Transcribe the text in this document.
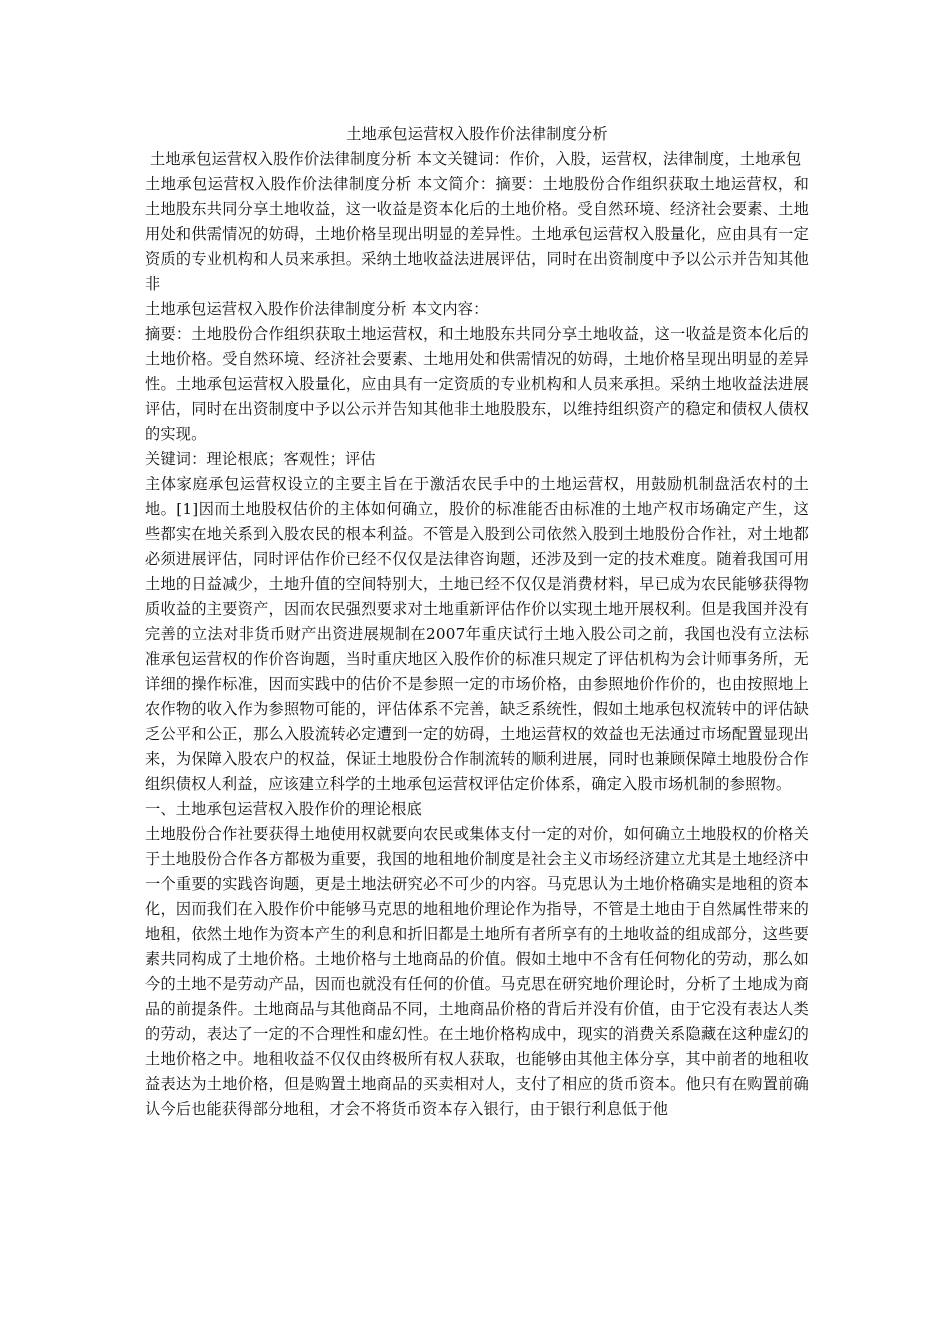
土地承包运营权入股作价法律制度分析

土地承包运营权入股作价法律制度分析 本文关键词：作价，入股，运营权，法律制度，土地承包

土地承包运营权入股作价法律制度分析 本文简介：摘要：土地股份合作组织获取土地运营权，和土地股东共同分享土地收益，这一收益是资本化后的土地价格。受自然环境、经济社会要素、土地用处和供需情况的妨碍，土地价格呈现出明显的差异性。土地承包运营权入股量化，应由具有一定资质的专业机构和人员来承担。采纳土地收益法进展评估，同时在出资制度中予以公示并告知其他非

土地承包运营权入股作价法律制度分析 本文内容：

摘要：土地股份合作组织获取土地运营权，和土地股东共同分享土地收益，这一收益是资本化后的土地价格。受自然环境、经济社会要素、土地用处和供需情况的妨碍，土地价格呈现出明显的差异性。土地承包运营权入股量化，应由具有一定资质的专业机构和人员来承担。采纳土地收益法进展评估，同时在出资制度中予以公示并告知其他非土地股股东，以维持组织资产的稳定和债权人债权的实现。

关键词：理论根底；客观性；评估

主体家庭承包运营权设立的主要主旨在于激活农民手中的土地运营权，用鼓励机制盘活农村的土地。[1]因而土地股权估价的主体如何确立，股价的标准能否由标准的土地产权市场确定产生，这些都实在地关系到入股农民的根本利益。不管是入股到公司依然入股到土地股份合作社，对土地都必须进展评估，同时评估作价已经不仅仅是法律咨询题，还涉及到一定的技术难度。随着我国可用土地的日益减少，土地升值的空间特别大，土地已经不仅仅是消费材料，早已成为农民能够获得物质收益的主要资产，因而农民强烈要求对土地重新评估作价以实现土地开展权利。但是我国并没有完善的立法对非货币财产出资进展规制在2007年重庆试行土地入股公司之前，我国也没有立法标准承包运营权的作价咨询题，当时重庆地区入股作价的标准只规定了评估机构为会计师事务所，无详细的操作标准，因而实践中的估价不是参照一定的市场价格，由参照地价作价的，也由按照地上农作物的收入作为参照物可能的，评估体系不完善，缺乏系统性，假如土地承包权流转中的评估缺乏公平和公正，那么入股流转必定遭到一定的妨碍，土地运营权的效益也无法通过市场配置显现出来，为保障入股农户的权益，保证土地股份合作制流转的顺利进展，同时也兼顾保障土地股份合作组织债权人利益，应该建立科学的土地承包运营权评估定价体系，确定入股市场机制的参照物。

一、土地承包运营权入股作价的理论根底

土地股份合作社要获得土地使用权就要向农民或集体支付一定的对价，如何确立土地股权的价格关于土地股份合作各方都极为重要，我国的地租地价制度是社会主义市场经济建立尤其是土地经济中一个重要的实践咨询题，更是土地法研究必不可少的内容。马克思认为土地价格确实是地租的资本化，因而我们在入股作价中能够马克思的地租地价理论作为指导，不管是土地由于自然属性带来的地租，依然土地作为资本产生的利息和折旧都是土地所有者所享有的土地收益的组成部分，这些要素共同构成了土地价格。土地价格与土地商品的价值。假如土地中不含有任何物化的劳动，那么如今的土地不是劳动产品，因而也就没有任何的价值。马克思在研究地价理论时，分析了土地成为商品的前提条件。土地商品与其他商品不同，土地商品价格的背后并没有价值，由于它没有表达人类的劳动，表达了一定的不合理性和虚幻性。在土地价格构成中，现实的消费关系隐藏在这种虚幻的土地价格之中。地租收益不仅仅由终极所有权人获取，也能够由其他主体分享，其中前者的地租收益表达为土地价格，但是购置土地商品的买卖相对人，支付了相应的货币资本。他只有在购置前确认今后也能获得部分地租，才会不将货币资本存入银行，由于银行利息低于他
